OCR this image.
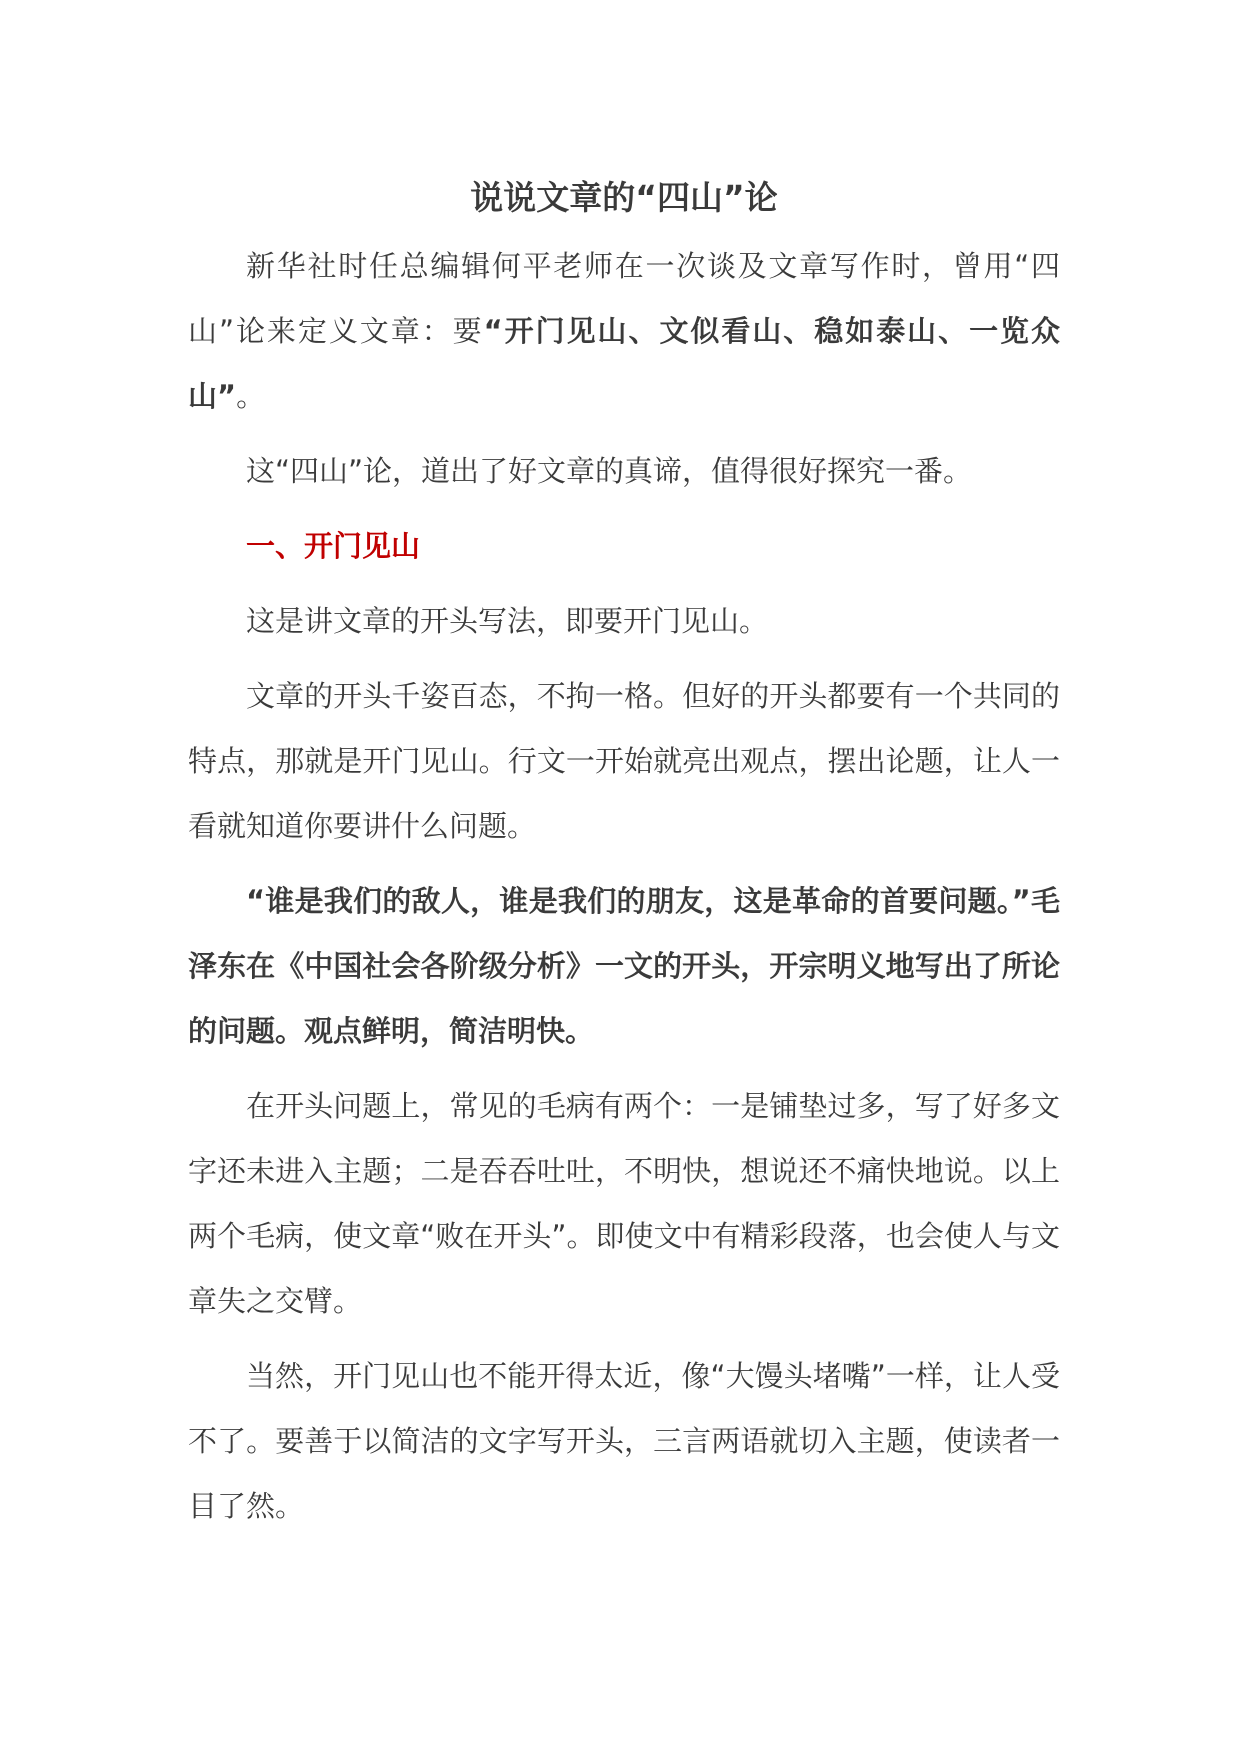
说说文章的“四山”论

新华社时任总编辑何平老师在一次谈及文章写作时，曾用“四山”论来定义文章：要“开门见山、文似看山、稳如泰山、一览众山”。

这“四山”论，道出了好文章的真谛，值得很好探究一番。

一、开门见山

这是讲文章的开头写法，即要开门见山。

文章的开头千姿百态，不拘一格。但好的开头都要有一个共同的特点，那就是开门见山。行文一开始就亮出观点，摆出论题，让人一看就知道你要讲什么问题。

“谁是我们的敌人，谁是我们的朋友，这是革命的首要问题。”毛泽东在《中国社会各阶级分析》一文的开头，开宗明义地写出了所论的问题。观点鲜明，简洁明快。

在开头问题上，常见的毛病有两个：一是铺垫过多，写了好多文字还未进入主题；二是吞吞吐吐，不明快，想说还不痛快地说。以上两个毛病，使文章“败在开头”。即使文中有精彩段落，也会使人与文章失之交臂。

当然，开门见山也不能开得太近，像“大馒头堵嘴”一样，让人受不了。要善于以简洁的文字写开头，三言两语就切入主题，使读者一目了然。
